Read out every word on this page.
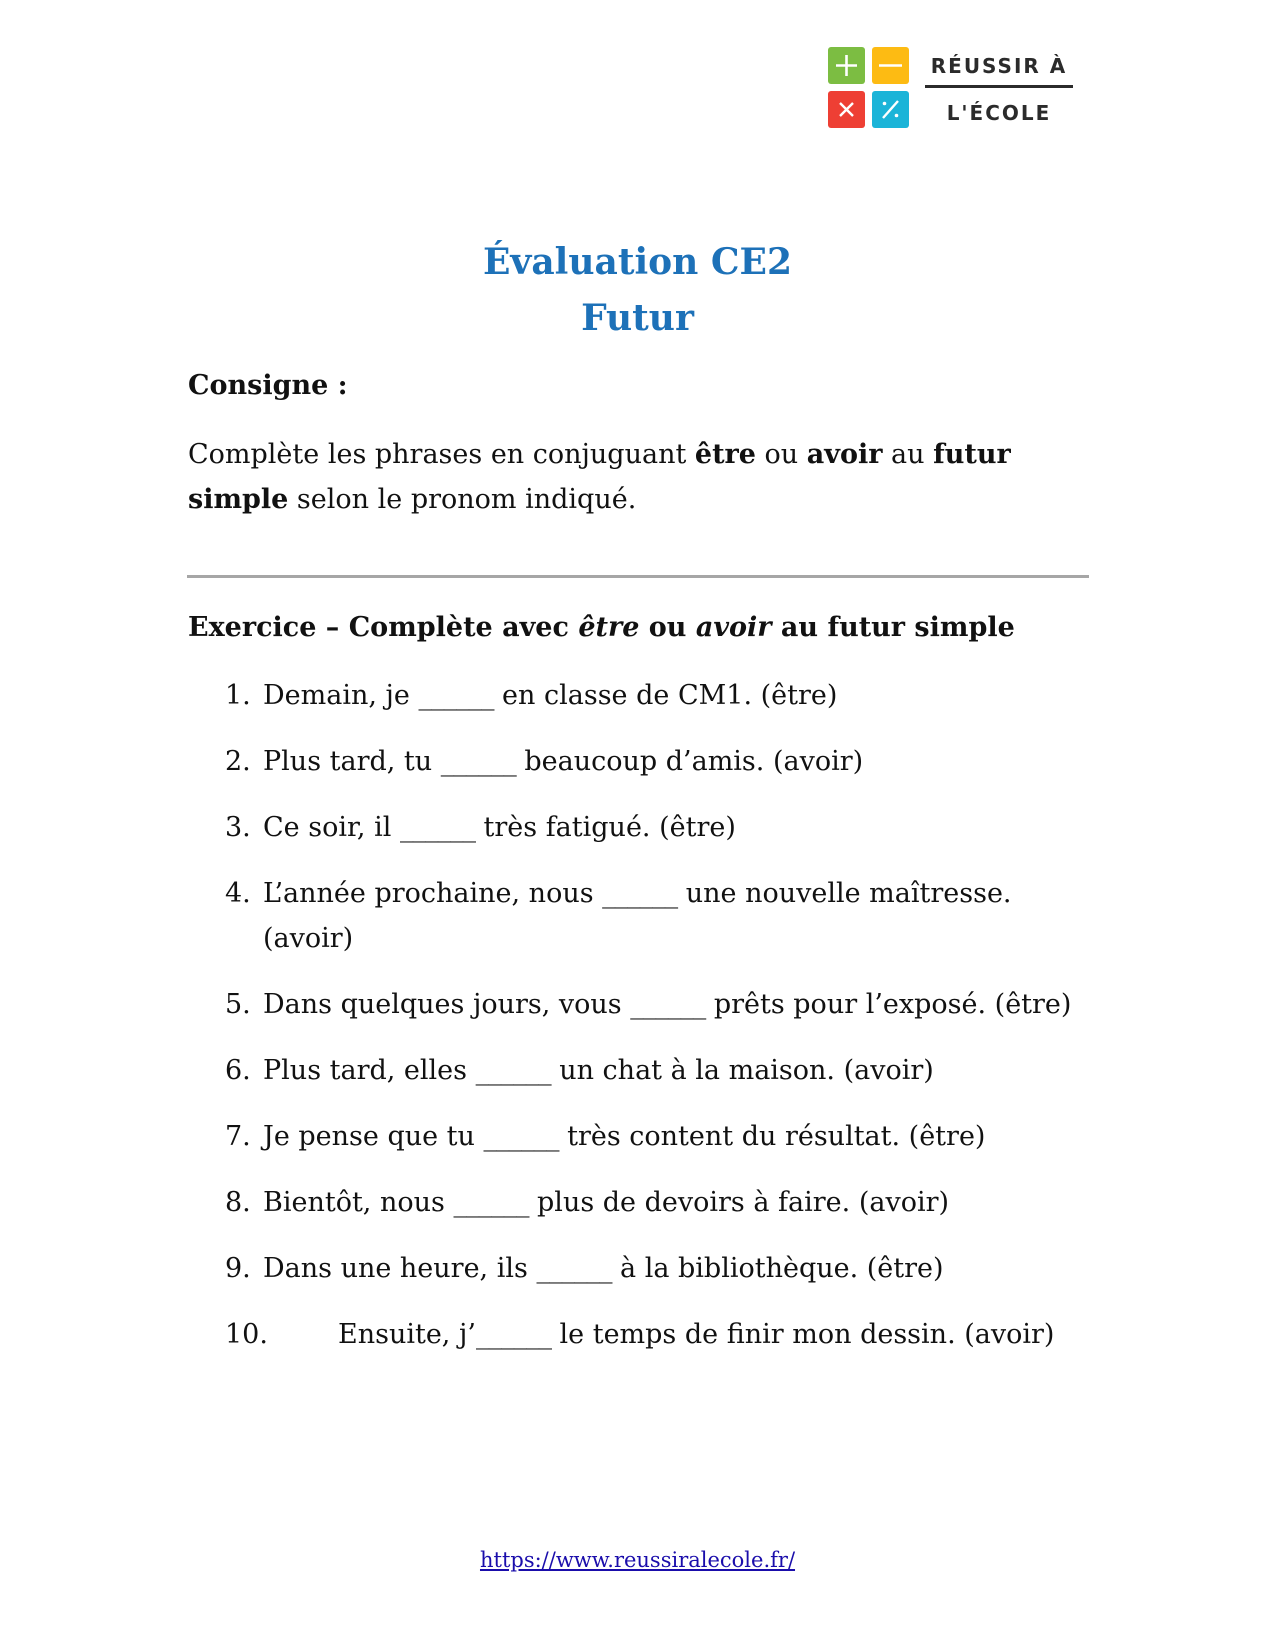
RÉUSSIR À
L'ÉCOLE
Évaluation CE2
Futur
Consigne :
Complète les phrases en conjuguant être ou avoir au futur simple selon le pronom indiqué.
Exercice – Complète avec être ou avoir au futur simple
1. Demain, je ______ en classe de CM1. (être)
2. Plus tard, tu ______ beaucoup d’amis. (avoir)
3. Ce soir, il ______ très fatigué. (être)
4. L’année prochaine, nous ______ une nouvelle maîtresse. (avoir)
5. Dans quelques jours, vous ______ prêts pour l’exposé. (être)
6. Plus tard, elles ______ un chat à la maison. (avoir)
7. Je pense que tu ______ très content du résultat. (être)
8. Bientôt, nous ______ plus de devoirs à faire. (avoir)
9. Dans une heure, ils ______ à la bibliothèque. (être)
10.	Ensuite, j’______ le temps de finir mon dessin. (avoir)
https://www.reussiralecole.fr/
